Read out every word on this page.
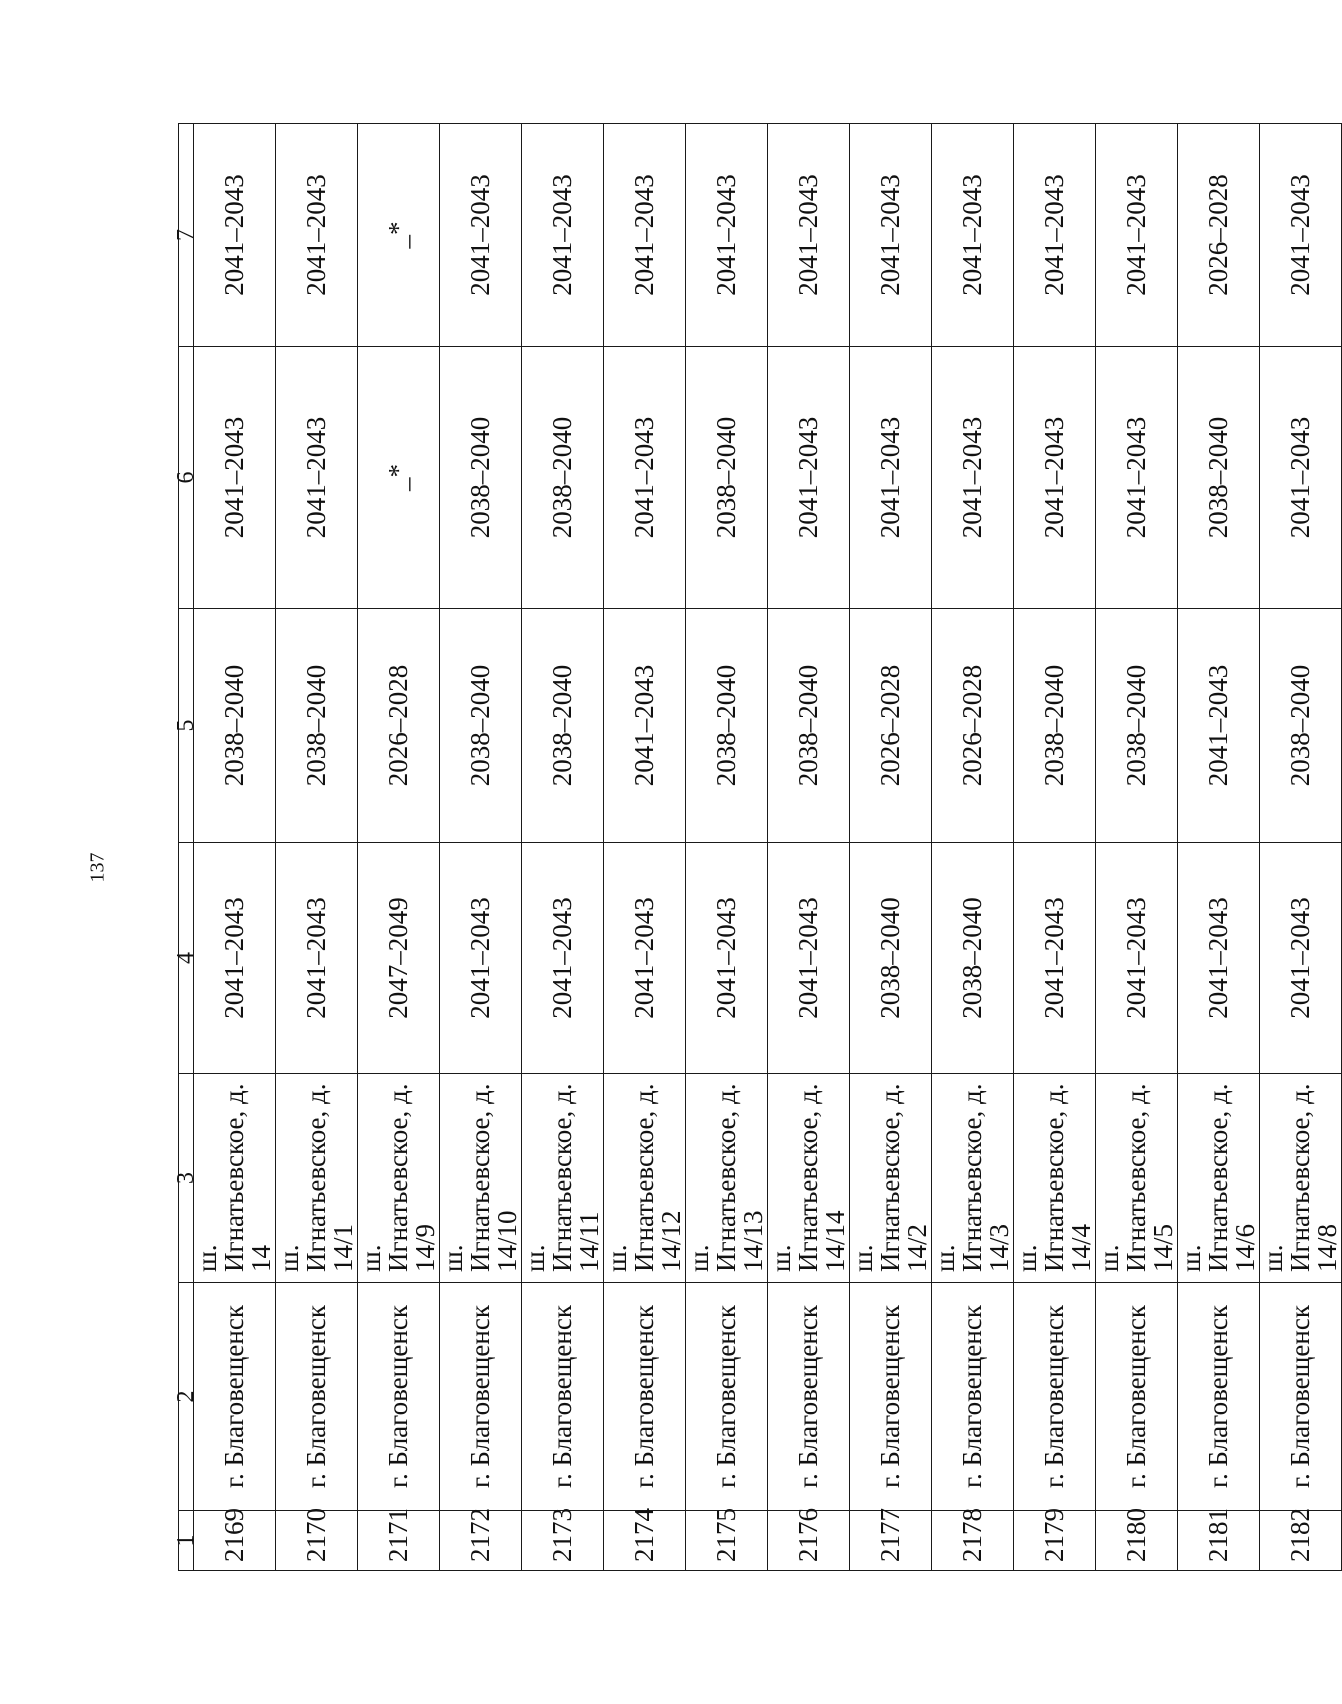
137
1	2	3	4	5	6	7
2169	г. Благовещенск	ш. Игнатьевское, д. 14	2041–2043	2038–2040	2041–2043	2041–2043
2170	г. Благовещенск	ш. Игнатьевское, д. 14/1	2041–2043	2038–2040	2041–2043	2041–2043
2171	г. Благовещенск	ш. Игнатьевское, д. 14/9	2047–2049	2026–2028	_*	_*
2172	г. Благовещенск	ш. Игнатьевское, д. 14/10	2041–2043	2038–2040	2038–2040	2041–2043
2173	г. Благовещенск	ш. Игнатьевское, д. 14/11	2041–2043	2038–2040	2038–2040	2041–2043
2174	г. Благовещенск	ш. Игнатьевское, д. 14/12	2041–2043	2041–2043	2041–2043	2041–2043
2175	г. Благовещенск	ш. Игнатьевское, д. 14/13	2041–2043	2038–2040	2038–2040	2041–2043
2176	г. Благовещенск	ш. Игнатьевское, д. 14/14	2041–2043	2038–2040	2041–2043	2041–2043
2177	г. Благовещенск	ш. Игнатьевское, д. 14/2	2038–2040	2026–2028	2041–2043	2041–2043
2178	г. Благовещенск	ш. Игнатьевское, д. 14/3	2038–2040	2026–2028	2041–2043	2041–2043
2179	г. Благовещенск	ш. Игнатьевское, д. 14/4	2041–2043	2038–2040	2041–2043	2041–2043
2180	г. Благовещенск	ш. Игнатьевское, д. 14/5	2041–2043	2038–2040	2041–2043	2041–2043
2181	г. Благовещенск	ш. Игнатьевское, д. 14/6	2041–2043	2041–2043	2038–2040	2026–2028
2182	г. Благовещенск	ш. Игнатьевское, д. 14/8	2041–2043	2038–2040	2041–2043	2041–2043
